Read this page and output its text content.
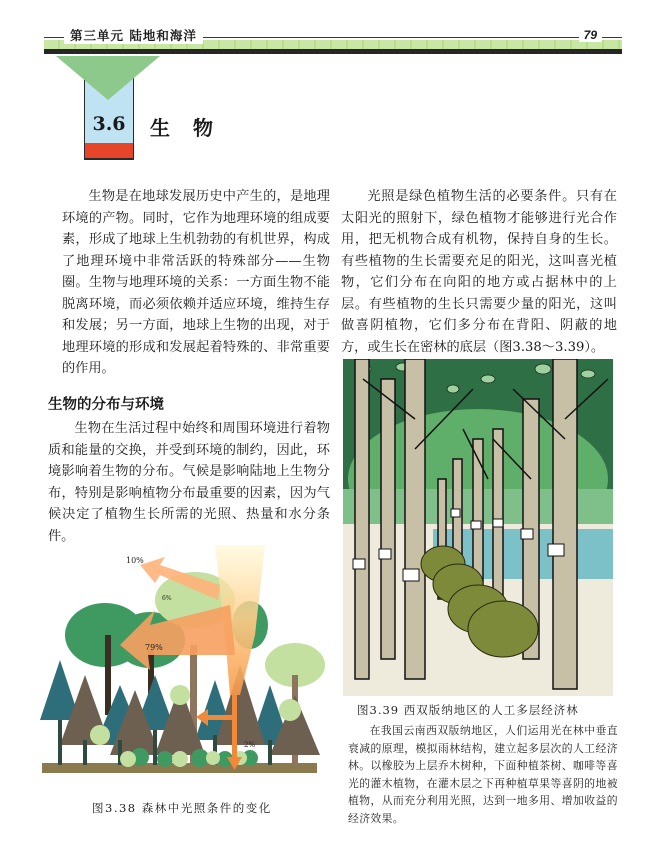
第三单元 陆地和海洋	79
3.6	生 物
生物是在地球发展历史中产生的，是地理环境的产物。同时，它作为地理环境的组成要素，形成了地球上生机勃勃的有机世界，构成了地理环境中非常活跃的特殊部分——生物圈。生物与地理环境的关系：一方面生物不能脱离环境，而必须依赖并适应环境，维持生存和发展；另一方面，地球上生物的出现，对于地理环境的形成和发展起着特殊的、非常重要的作用。
光照是绿色植物生活的必要条件。只有在太阳光的照射下，绿色植物才能够进行光合作用，把无机物合成有机物，保持自身的生长。有些植物的生长需要充足的阳光，这叫喜光植物，它们分布在向阳的地方或占据林中的上层。有些植物的生长只需要少量的阳光，这叫做喜阴植物，它们多分布在背阳、阴蔽的地方，或生长在密林的底层（图3.38～3.39）。
生物的分布与环境
生物在生活过程中始终和周围环境进行着物质和能量的交换，并受到环境的制约，因此，环境影响着生物的分布。气候是影响陆地上生物分布，特别是影响植物分布最重要的因素，因为气候决定了植物生长所需的光照、热量和水分条件。
10%
79%
6%
2%
图3.38 森林中光照条件的变化
图3.39 西双版纳地区的人工多层经济林
在我国云南西双版纳地区，人们运用光在林中垂直衰减的原理，模拟雨林结构，建立起多层次的人工经济林。以橡胶为上层乔木树种，下面种植茶树、咖啡等喜光的灌木植物，在灌木层之下再种植草果等喜阴的地被植物，从而充分利用光照，达到一地多用、增加收益的经济效果。
